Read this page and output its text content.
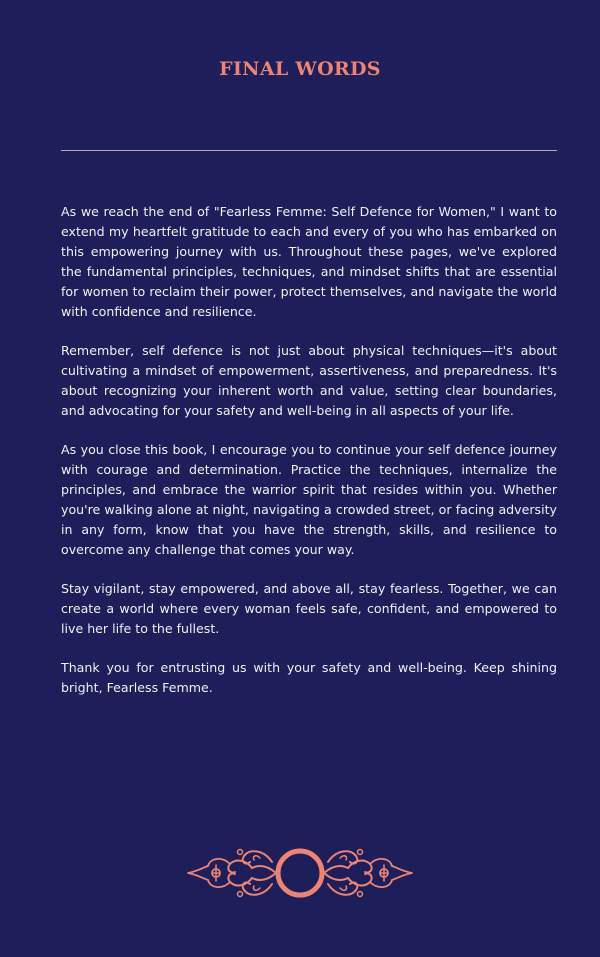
FINAL WORDS

As we reach the end of "Fearless Femme: Self Defence for Women," I want to extend my heartfelt gratitude to each and every of you who has embarked on this empowering journey with us. Throughout these pages, we've explored the fundamental principles, techniques, and mindset shifts that are essential for women to reclaim their power, protect themselves, and navigate the world with confidence and resilience.

Remember, self defence is not just about physical techniques—it's about cultivating a mindset of empowerment, assertiveness, and preparedness. It's about recognizing your inherent worth and value, setting clear boundaries, and advocating for your safety and well-being in all aspects of your life.

As you close this book, I encourage you to continue your self defence journey with courage and determination. Practice the techniques, internalize the principles, and embrace the warrior spirit that resides within you. Whether you're walking alone at night, navigating a crowded street, or facing adversity in any form, know that you have the strength, skills, and resilience to overcome any challenge that comes your way.

Stay vigilant, stay empowered, and above all, stay fearless. Together, we can create a world where every woman feels safe, confident, and empowered to live her life to the fullest.

Thank you for entrusting us with your safety and well-being. Keep shining bright, Fearless Femme.
